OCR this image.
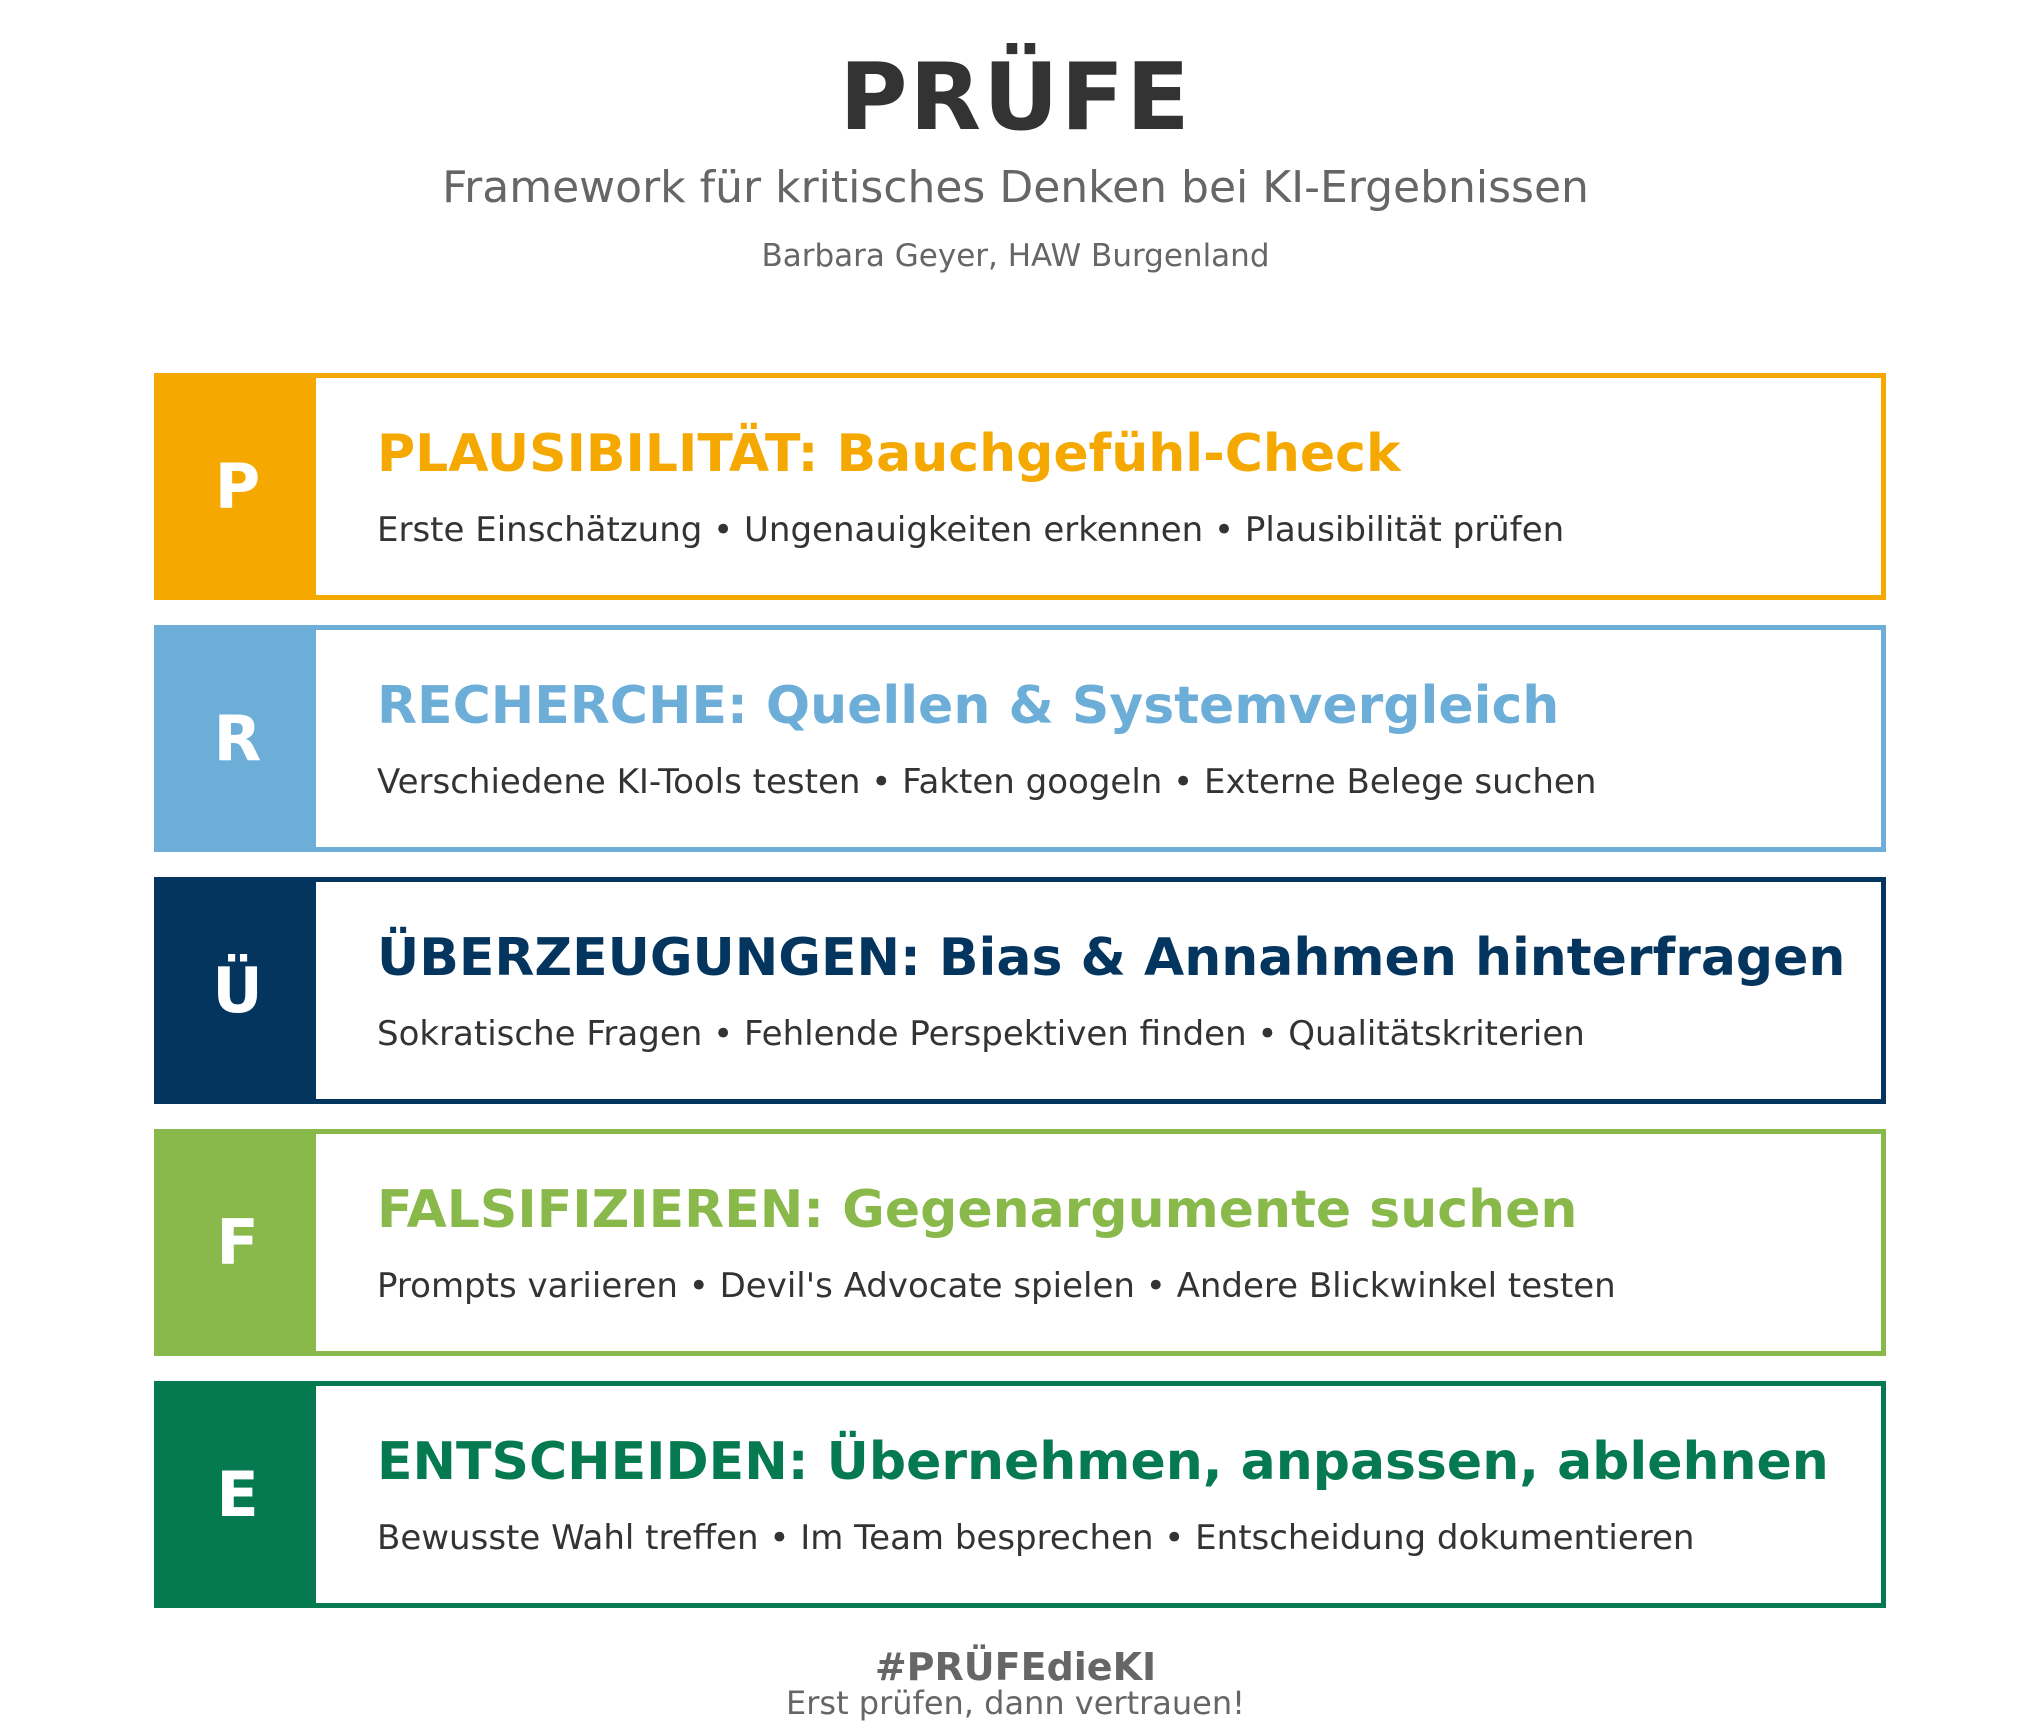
PRÜFE
Framework für kritisches Denken bei KI-Ergebnissen
Barbara Geyer, HAW Burgenland
P PLAUSIBILITÄT: Bauchgefühl-Check
Erste Einschätzung • Ungenauigkeiten erkennen • Plausibilität prüfen
R RECHERCHE: Quellen & Systemvergleich
Verschiedene KI-Tools testen • Fakten googeln • Externe Belege suchen
Ü ÜBERZEUGUNGEN: Bias & Annahmen hinterfragen
Sokratische Fragen • Fehlende Perspektiven finden • Qualitätskriterien
F FALSIFIZIEREN: Gegenargumente suchen
Prompts variieren • Devil's Advocate spielen • Andere Blickwinkel testen
E ENTSCHEIDEN: Übernehmen, anpassen, ablehnen
Bewusste Wahl treffen • Im Team besprechen • Entscheidung dokumentieren
#PRÜFEdieKI
Erst prüfen, dann vertrauen!
